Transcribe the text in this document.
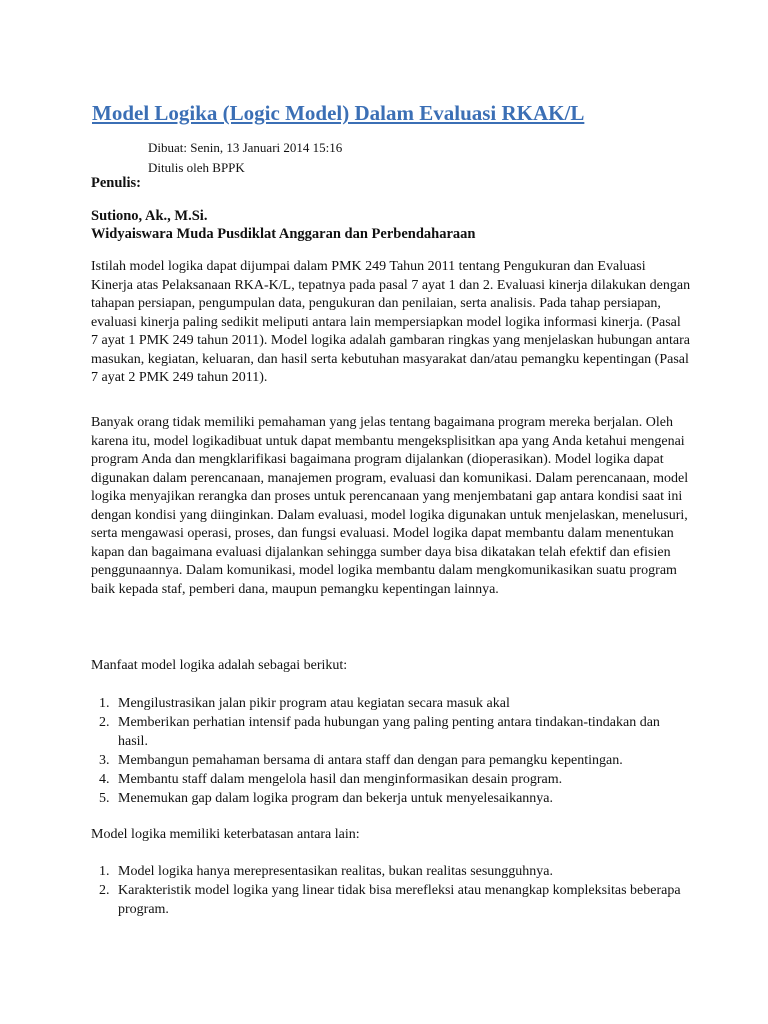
Model Logika (Logic Model) Dalam Evaluasi RKAK/L
Dibuat: Senin, 13 Januari 2014 15:16
Ditulis oleh BPPK
Penulis:
Sutiono, Ak., M.Si.
Widyaiswara Muda Pusdiklat Anggaran dan Perbendaharaan

Istilah model logika dapat dijumpai dalam PMK 249 Tahun 2011 tentang Pengukuran dan Evaluasi Kinerja atas Pelaksanaan RKA-K/L, tepatnya pada pasal 7 ayat 1 dan 2. Evaluasi kinerja dilakukan dengan tahapan persiapan, pengumpulan data, pengukuran dan penilaian, serta analisis. Pada tahap persiapan, evaluasi kinerja paling sedikit meliputi antara lain mempersiapkan model logika informasi kinerja. (Pasal 7 ayat 1 PMK 249 tahun 2011). Model logika adalah gambaran ringkas yang menjelaskan hubungan antara masukan, kegiatan, keluaran, dan hasil serta kebutuhan masyarakat dan/atau pemangku kepentingan (Pasal 7 ayat 2 PMK 249 tahun 2011).

Banyak orang tidak memiliki pemahaman yang jelas tentang bagaimana program mereka berjalan. Oleh karena itu, model logikadibuat untuk dapat membantu mengeksplisitkan apa yang Anda ketahui mengenai program Anda dan mengklarifikasi bagaimana program dijalankan (dioperasikan). Model logika dapat digunakan dalam perencanaan, manajemen program, evaluasi dan komunikasi. Dalam perencanaan, model logika menyajikan rerangka dan proses untuk perencanaan yang menjembatani gap antara kondisi saat ini dengan kondisi yang diinginkan. Dalam evaluasi, model logika digunakan untuk menjelaskan, menelusuri, serta mengawasi operasi, proses, dan fungsi evaluasi. Model logika dapat membantu dalam menentukan kapan dan bagaimana evaluasi dijalankan sehingga sumber daya bisa dikatakan telah efektif dan efisien penggunaannya. Dalam komunikasi, model logika membantu dalam mengkomunikasikan suatu program baik kepada staf, pemberi dana, maupun pemangku kepentingan lainnya.

Manfaat model logika adalah sebagai berikut:

1. Mengilustrasikan jalan pikir program atau kegiatan secara masuk akal
2. Memberikan perhatian intensif pada hubungan yang paling penting antara tindakan-tindakan dan hasil.
3. Membangun pemahaman bersama di antara staff dan dengan para pemangku kepentingan.
4. Membantu staff dalam mengelola hasil dan menginformasikan desain program.
5. Menemukan gap dalam logika program dan bekerja untuk menyelesaikannya.

Model logika memiliki keterbatasan antara lain:

1. Model logika hanya merepresentasikan realitas, bukan realitas sesungguhnya.
2. Karakteristik model logika yang linear tidak bisa merefleksi atau menangkap kompleksitas beberapa program.
